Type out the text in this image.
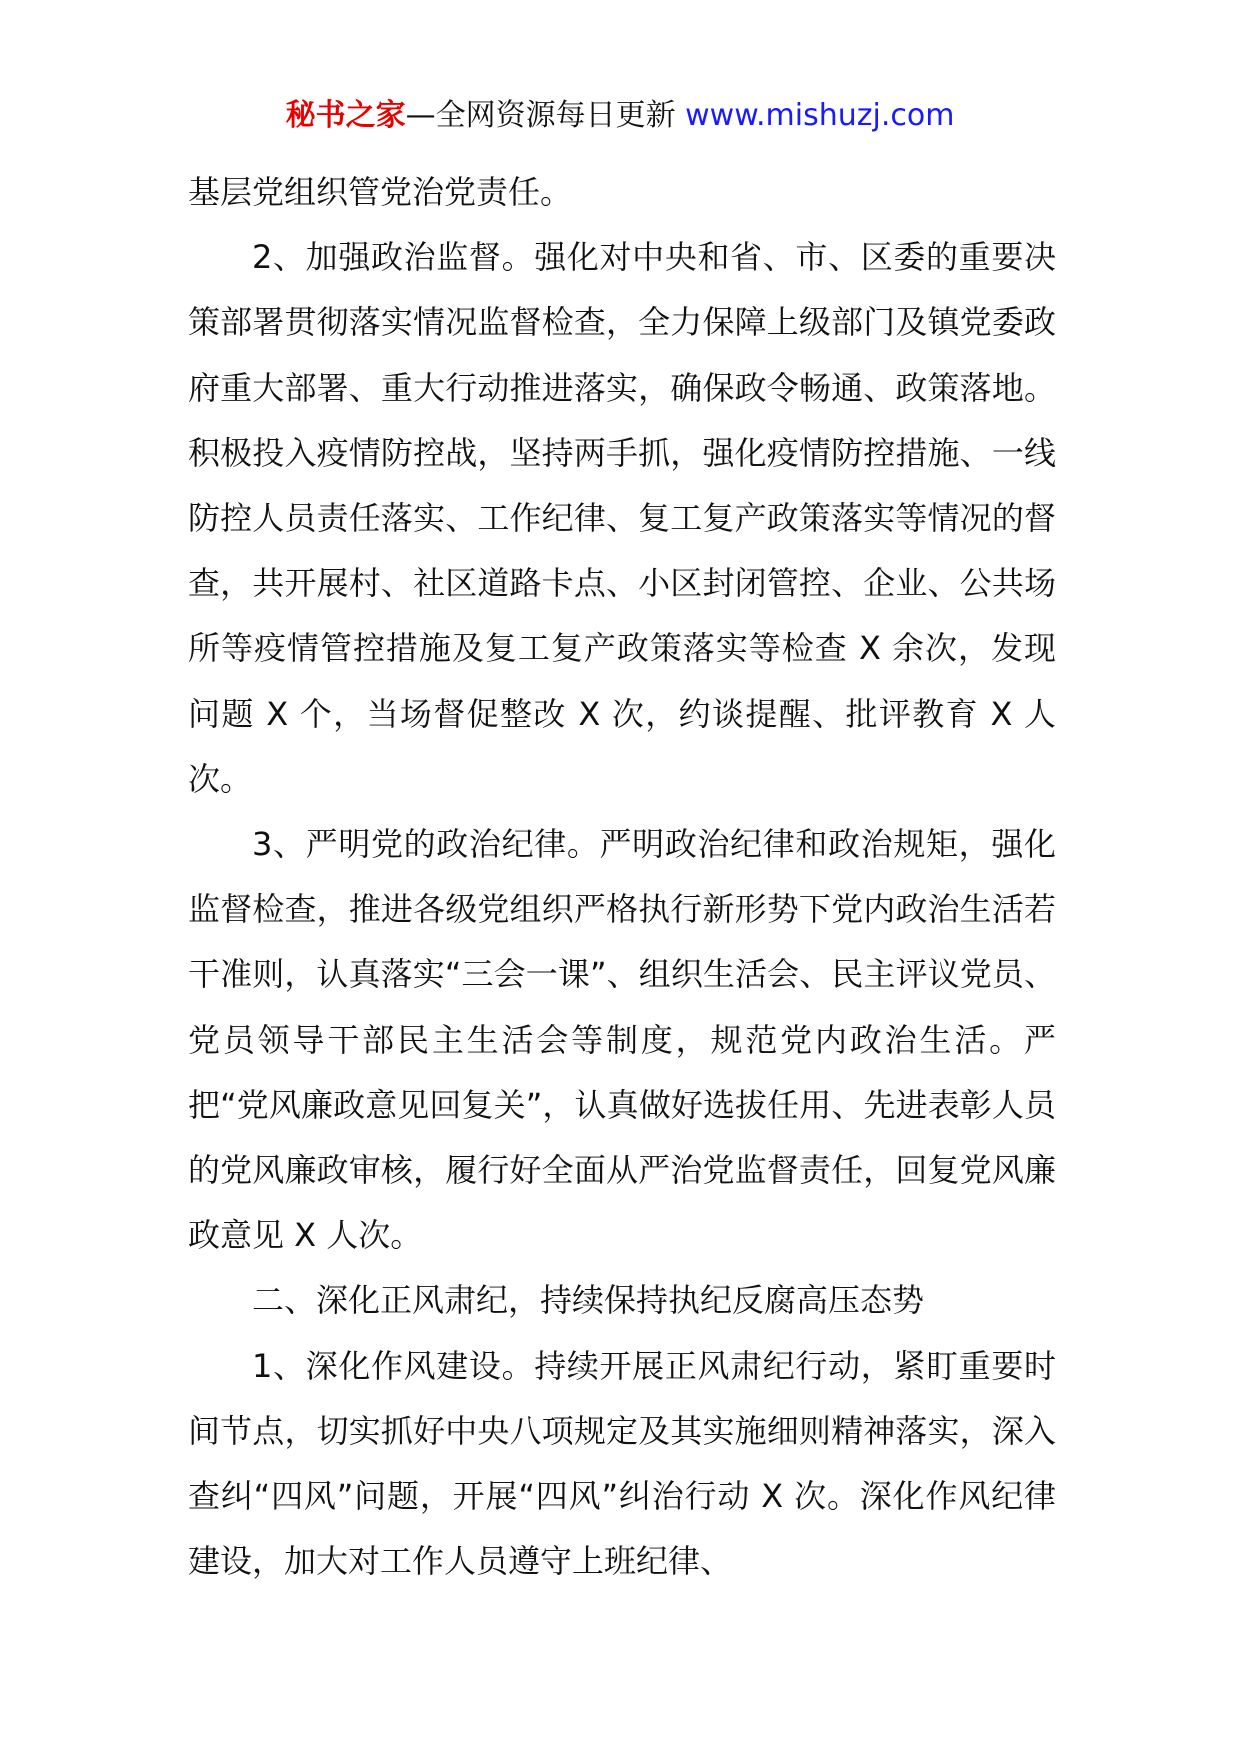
秘书之家—全网资源每日更新 www.mishuzj.com

基层党组织管党治党责任。

2、加强政治监督。强化对中央和省、市、区委的重要决策部署贯彻落实情况监督检查，全力保障上级部门及镇党委政府重大部署、重大行动推进落实，确保政令畅通、政策落地。积极投入疫情防控战，坚持两手抓，强化疫情防控措施、一线防控人员责任落实、工作纪律、复工复产政策落实等情况的督查，共开展村、社区道路卡点、小区封闭管控、企业、公共场所等疫情管控措施及复工复产政策落实等检查 X 余次，发现问题 X 个，当场督促整改 X 次，约谈提醒、批评教育 X 人次。

3、严明党的政治纪律。严明政治纪律和政治规矩，强化监督检查，推进各级党组织严格执行新形势下党内政治生活若干准则，认真落实“三会一课”、组织生活会、民主评议党员、党员领导干部民主生活会等制度，规范党内政治生活。严把“党风廉政意见回复关”，认真做好选拔任用、先进表彰人员的党风廉政审核，履行好全面从严治党监督责任，回复党风廉政意见 X 人次。

二、深化正风肃纪，持续保持执纪反腐高压态势

1、深化作风建设。持续开展正风肃纪行动，紧盯重要时间节点，切实抓好中央八项规定及其实施细则精神落实，深入查纠“四风”问题，开展“四风”纠治行动 X 次。深化作风纪律建设，加大对工作人员遵守上班纪律、
